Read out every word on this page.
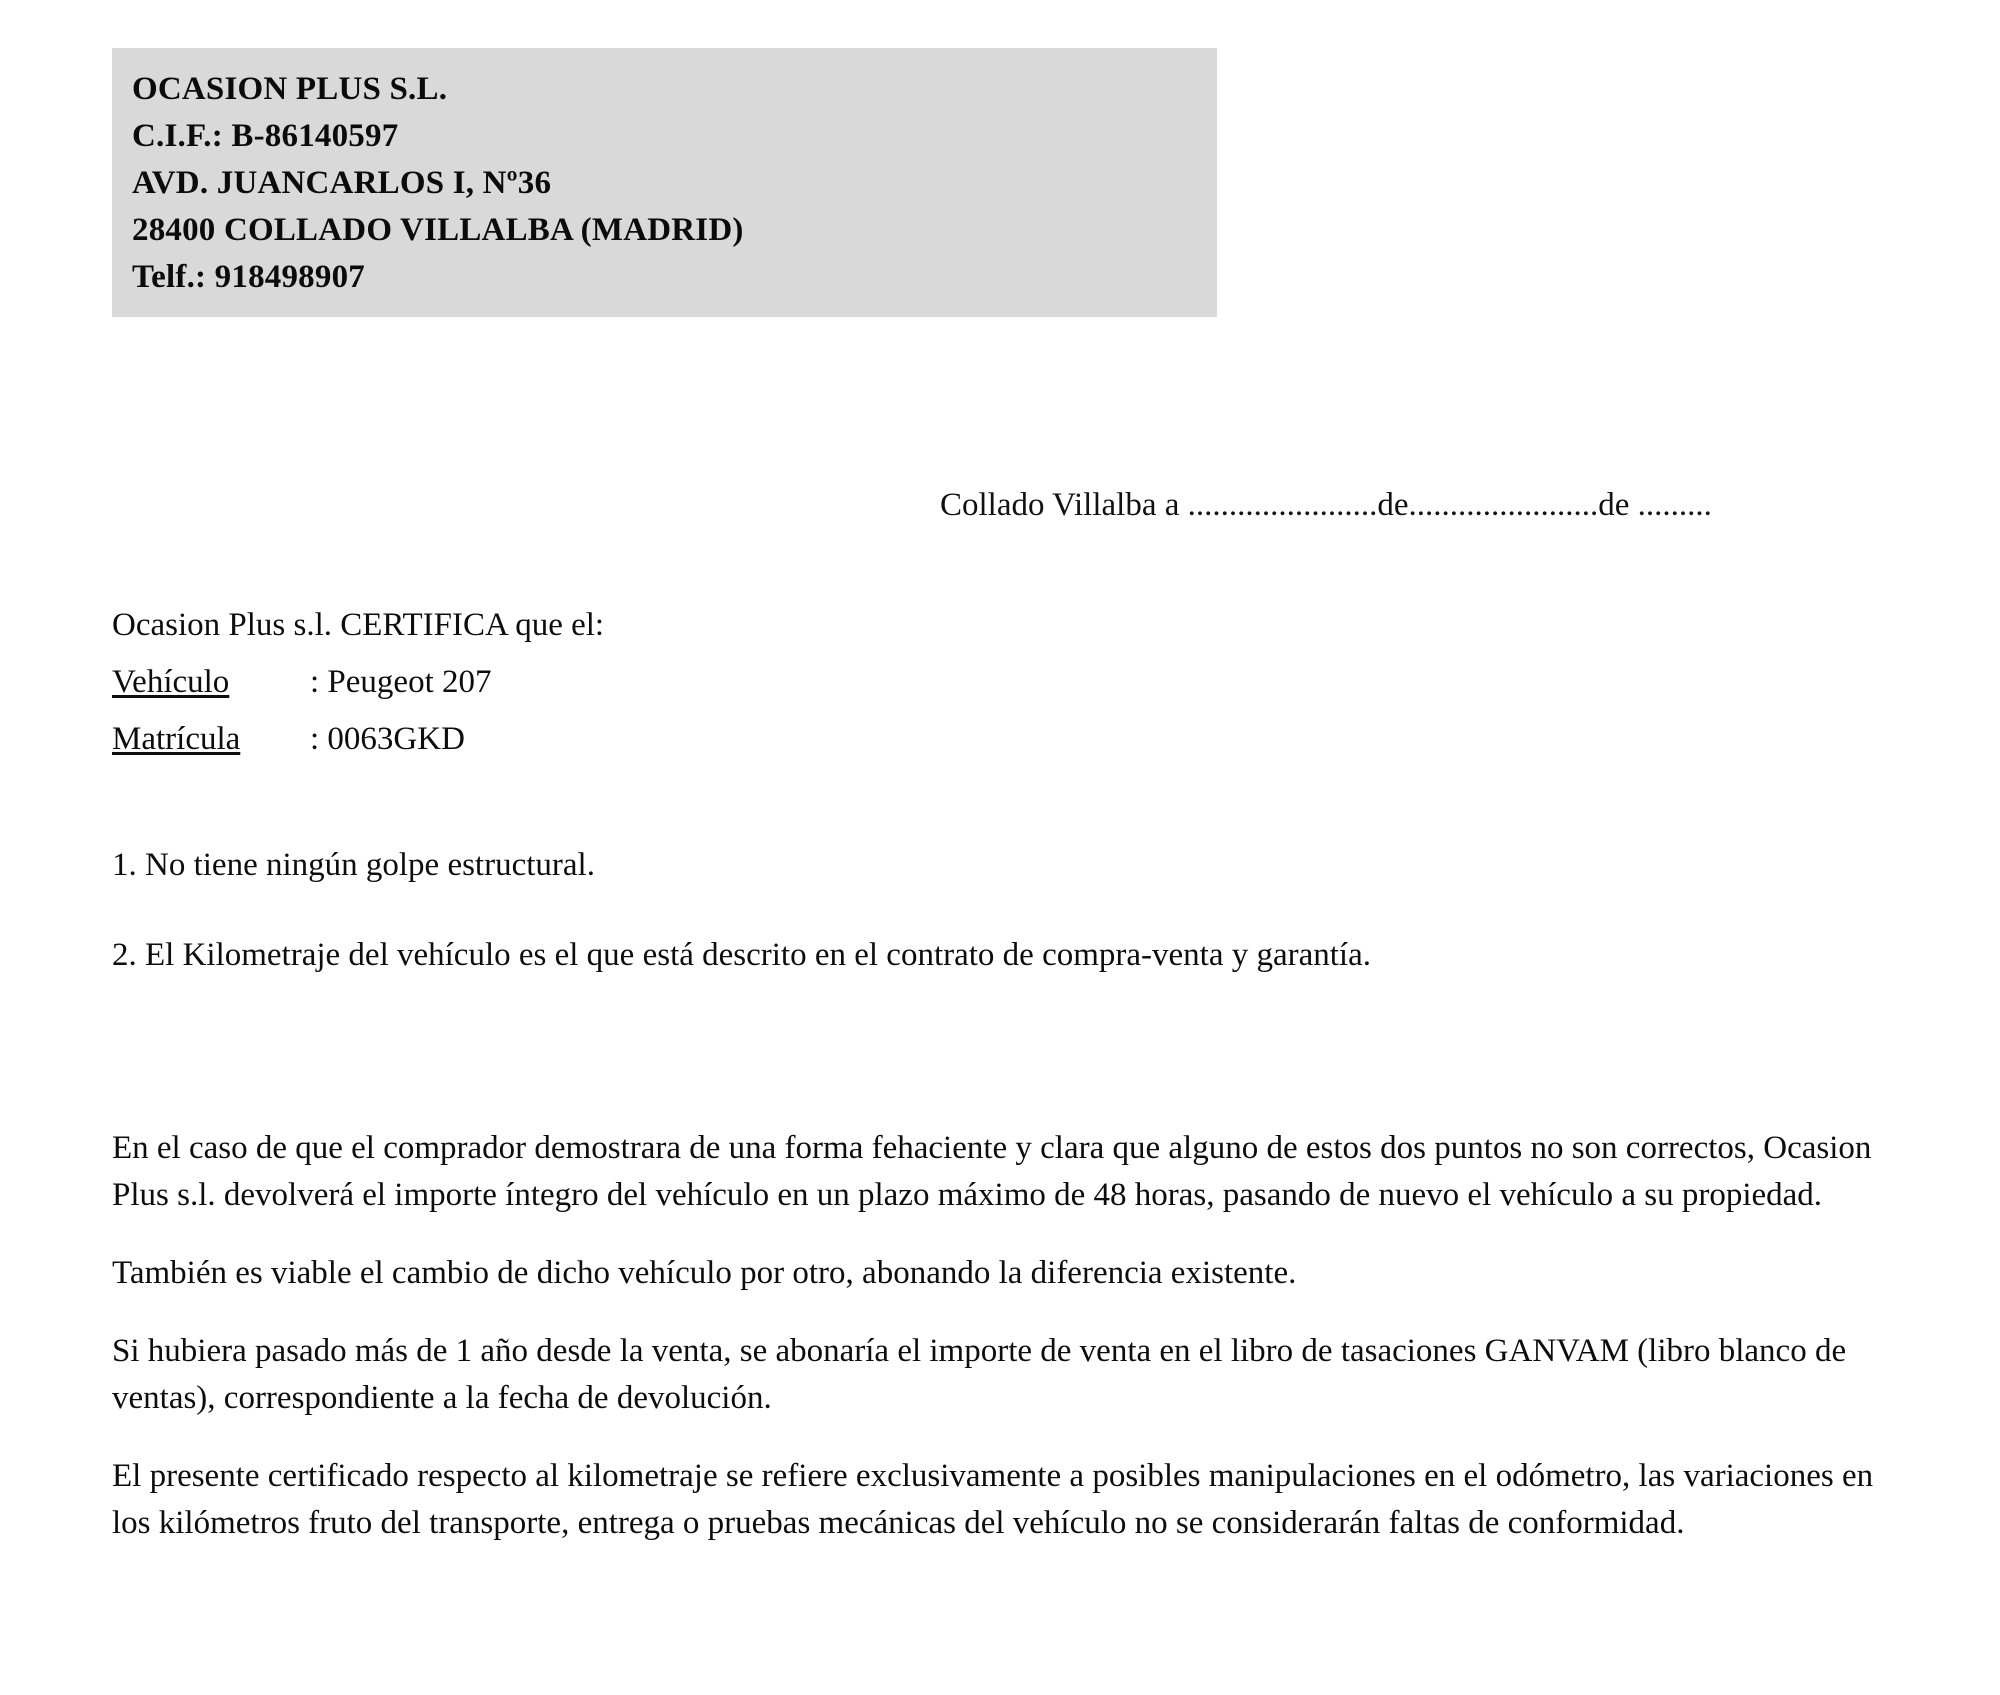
OCASION PLUS S.L.
C.I.F.: B-86140597
AVD. JUANCARLOS I, Nº36
28400 COLLADO VILLALBA (MADRID)
Telf.: 918498907
Collado Villalba a .......................de.......................de .........
Ocasion Plus s.l. CERTIFICA que el:
Vehículo : Peugeot 207
Matrícula : 0063GKD
1. No tiene ningún golpe estructural.
2. El Kilometraje del vehículo es el que está descrito en el contrato de compra-venta y garantía.

En el caso de que el comprador demostrara de una forma fehaciente y clara que alguno de estos dos puntos no son correctos, Ocasion Plus s.l. devolverá el importe íntegro del vehículo en un plazo máximo de 48 horas, pasando de nuevo el vehículo a su propiedad.

También es viable el cambio de dicho vehículo por otro, abonando la diferencia existente.

Si hubiera pasado más de 1 año desde la venta, se abonaría el importe de venta en el libro de tasaciones GANVAM (libro blanco de ventas), correspondiente a la fecha de devolución.

El presente certificado respecto al kilometraje se refiere exclusivamente a posibles manipulaciones en el odómetro, las variaciones en los kilómetros fruto del transporte, entrega o pruebas mecánicas del vehículo no se considerarán faltas de conformidad.
